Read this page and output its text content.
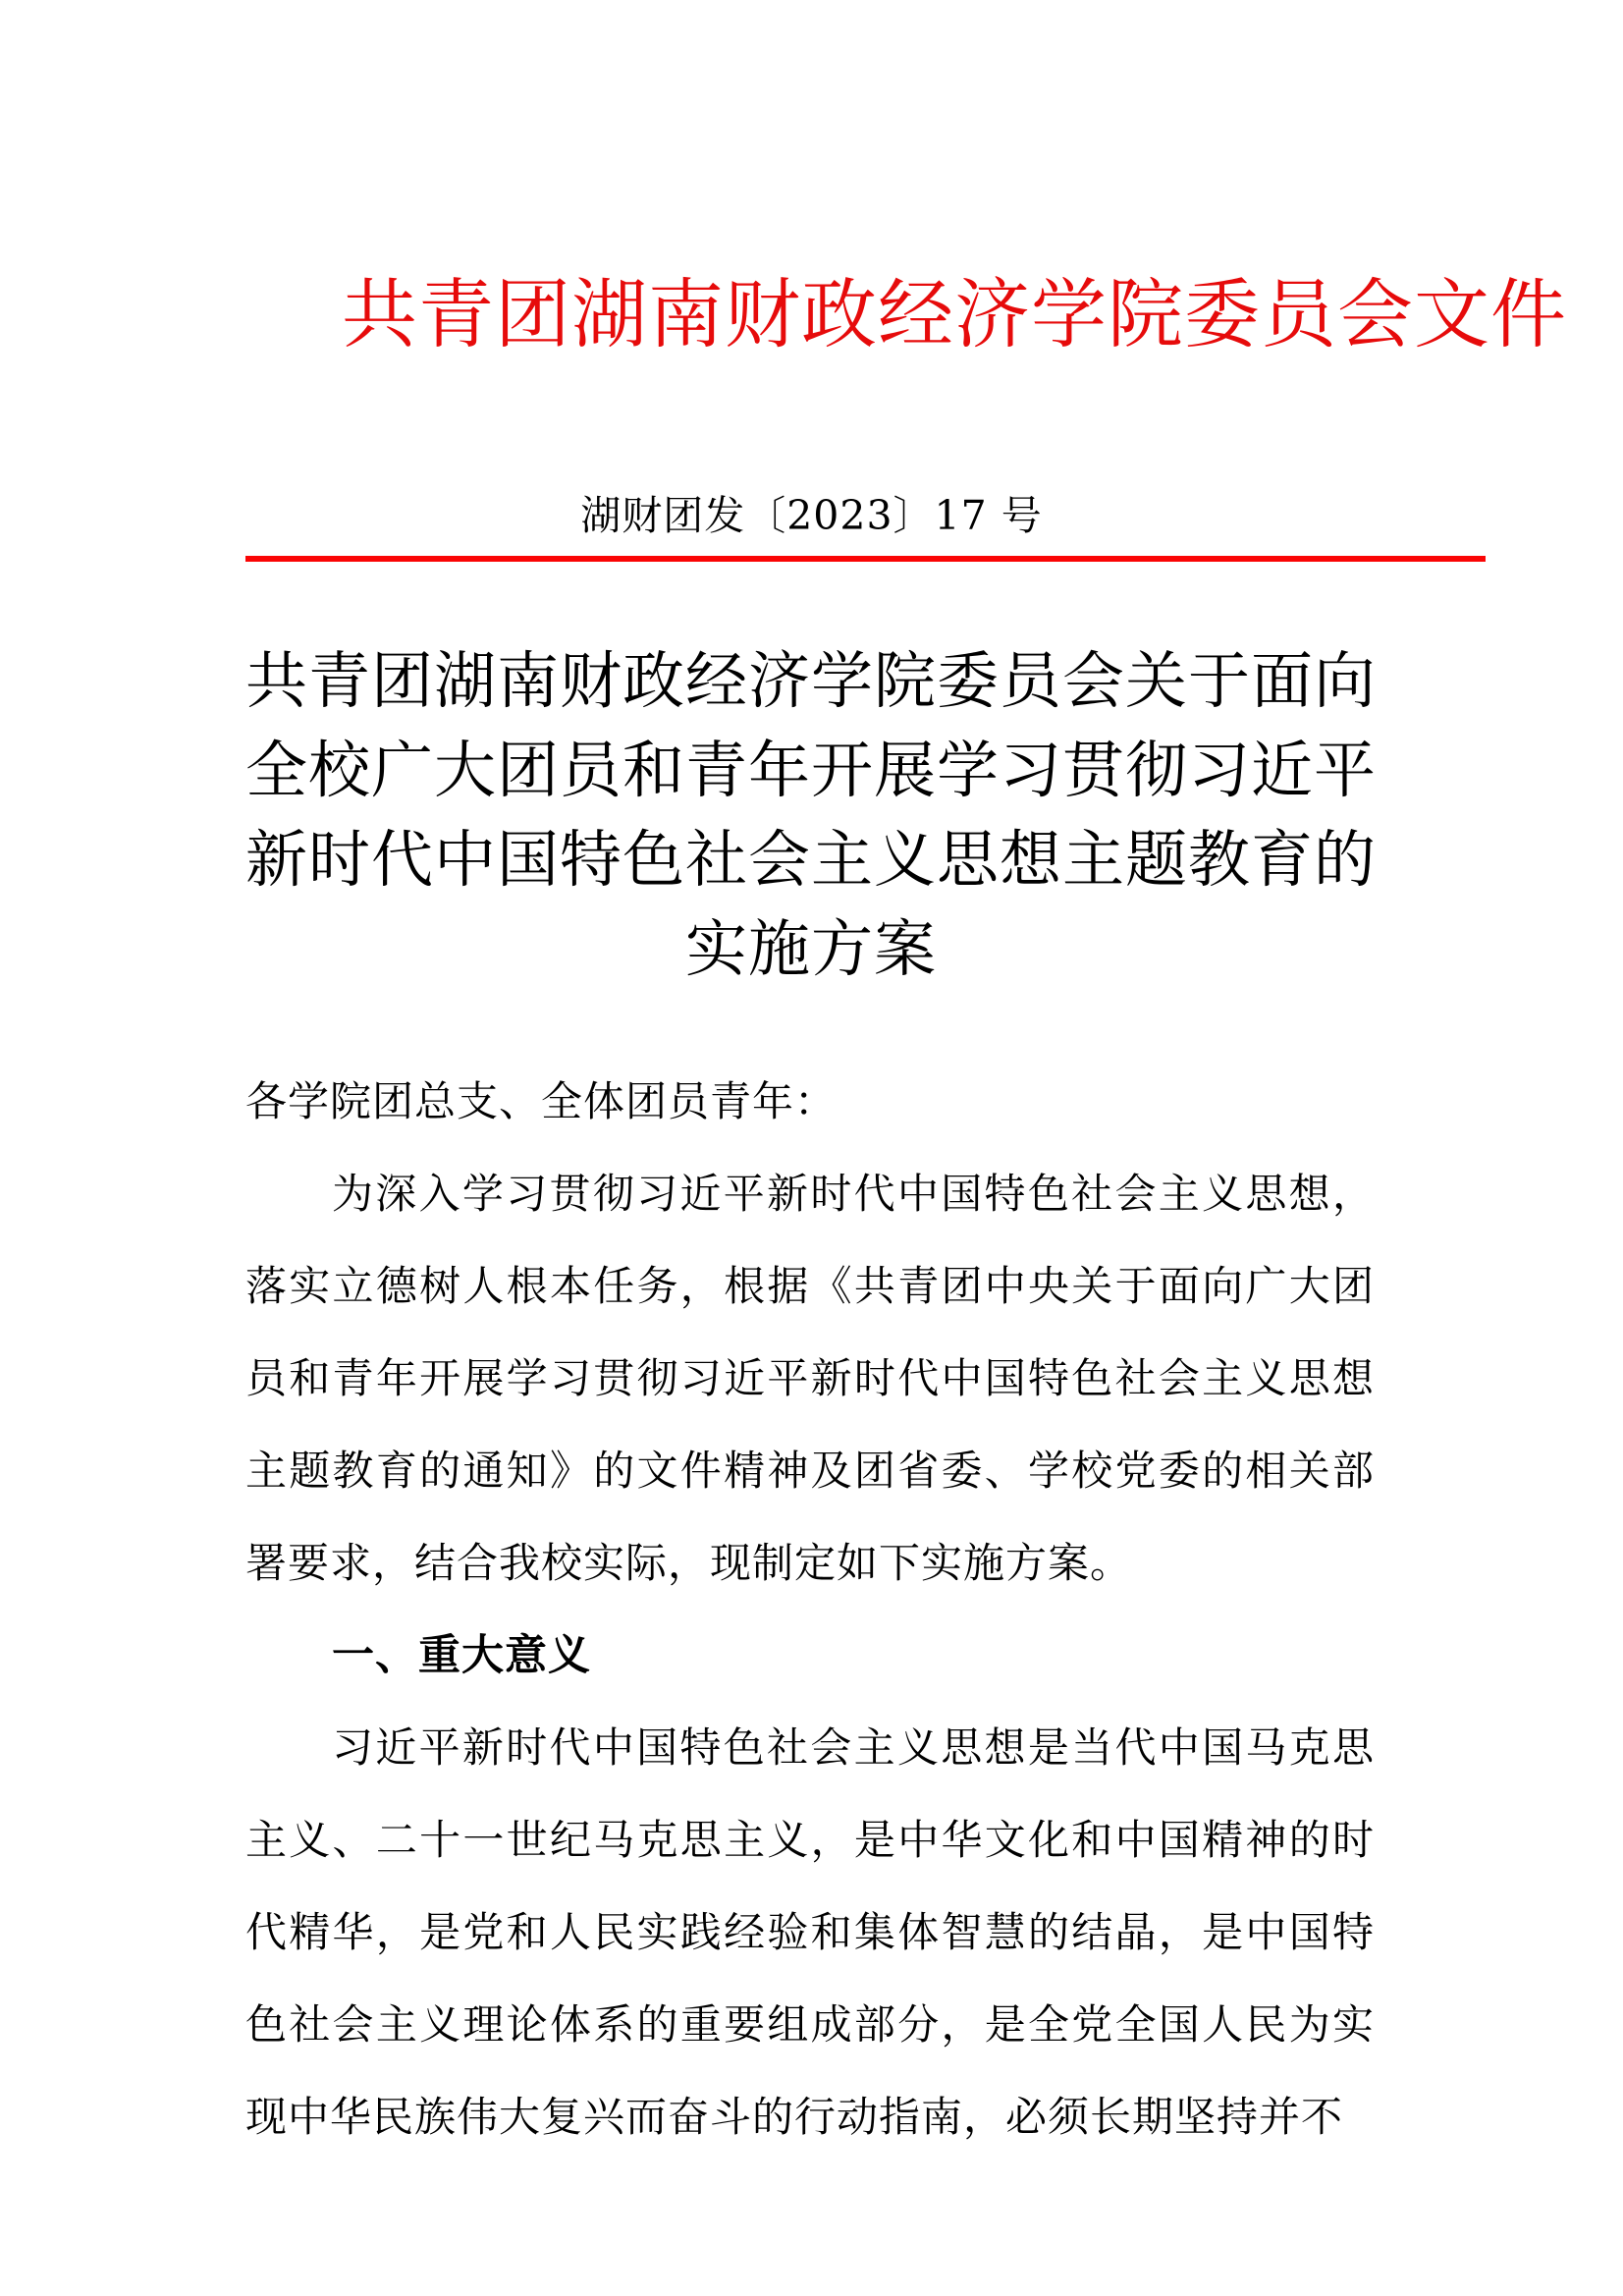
共青团湖南财政经济学院委员会文件
湖财团发〔2023〕17 号
共青团湖南财政经济学院委员会关于面向
全校广大团员和青年开展学习贯彻习近平
新时代中国特色社会主义思想主题教育的
实施方案
各学院团总支、全体团员青年：

为深入学习贯彻习近平新时代中国特色社会主义思想，落实立德树人根本任务，根据《共青团中央关于面向广大团员和青年开展学习贯彻习近平新时代中国特色社会主义思想主题教育的通知》的文件精神及团省委、学校党委的相关部署要求，结合我校实际，现制定如下实施方案。

一、重大意义

习近平新时代中国特色社会主义思想是当代中国马克思主义、二十一世纪马克思主义，是中华文化和中国精神的时代精华，是党和人民实践经验和集体智慧的结晶，是中国特色社会主义理论体系的重要组成部分，是全党全国人民为实现中华民族伟大复兴而奋斗的行动指南，必须长期坚持并不
